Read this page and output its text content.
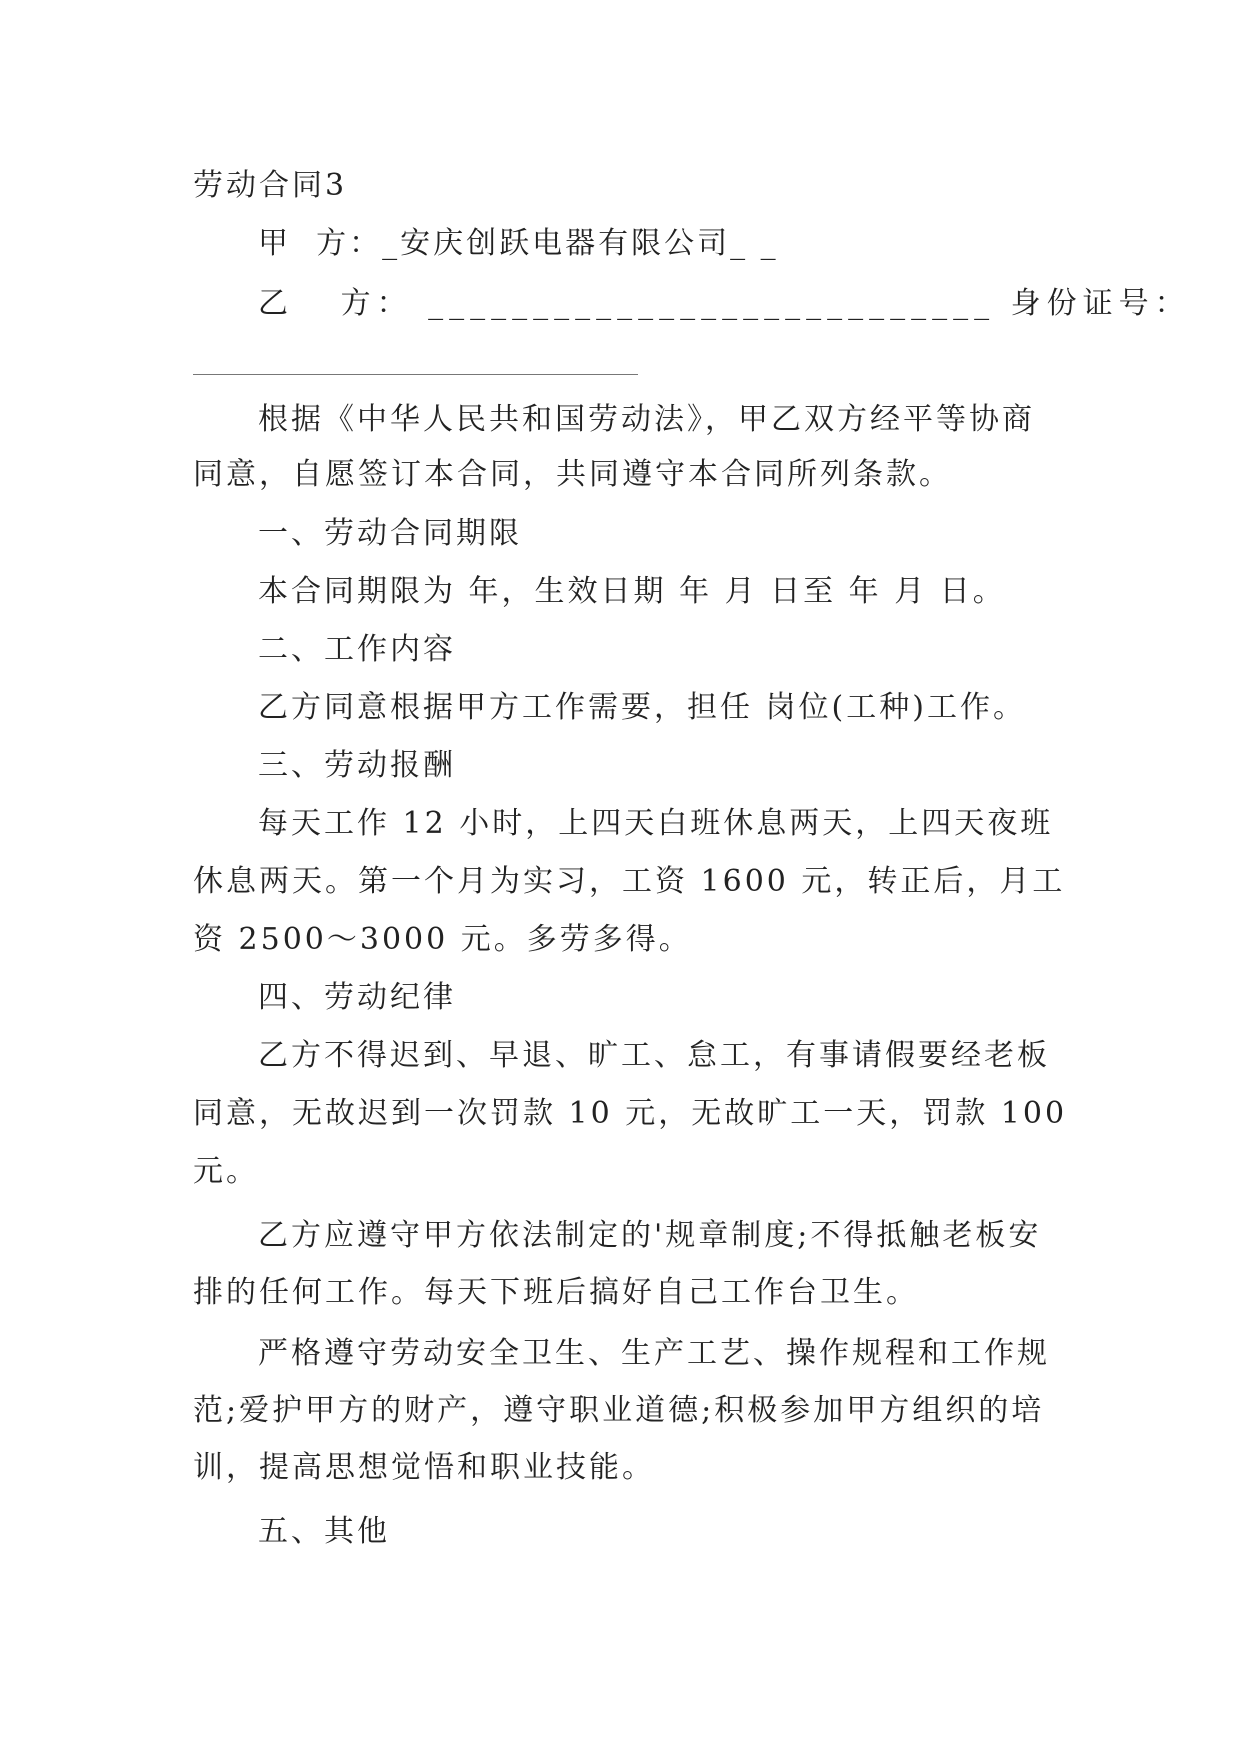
劳动合同3
甲  方：_安庆创跃电器有限公司_ _
乙   方： ___________________________ 身份证号：
根据《中华人民共和国劳动法》，甲乙双方经平等协商
同意，自愿签订本合同，共同遵守本合同所列条款。
一、劳动合同期限
本合同期限为 年，生效日期 年 月 日至 年 月 日。
二、工作内容
乙方同意根据甲方工作需要，担任 岗位(工种)工作。
三、劳动报酬
每天工作 12 小时，上四天白班休息两天，上四天夜班
休息两天。第一个月为实习，工资 1600 元，转正后，月工
资 2500～3000 元。多劳多得。
四、劳动纪律
乙方不得迟到、早退、旷工、怠工，有事请假要经老板
同意，无故迟到一次罚款 10 元，无故旷工一天，罚款 100
元。
乙方应遵守甲方依法制定的'规章制度;不得抵触老板安
排的任何工作。每天下班后搞好自己工作台卫生。
严格遵守劳动安全卫生、生产工艺、操作规程和工作规
范;爱护甲方的财产，遵守职业道德;积极参加甲方组织的培
训，提高思想觉悟和职业技能。
五、其他
